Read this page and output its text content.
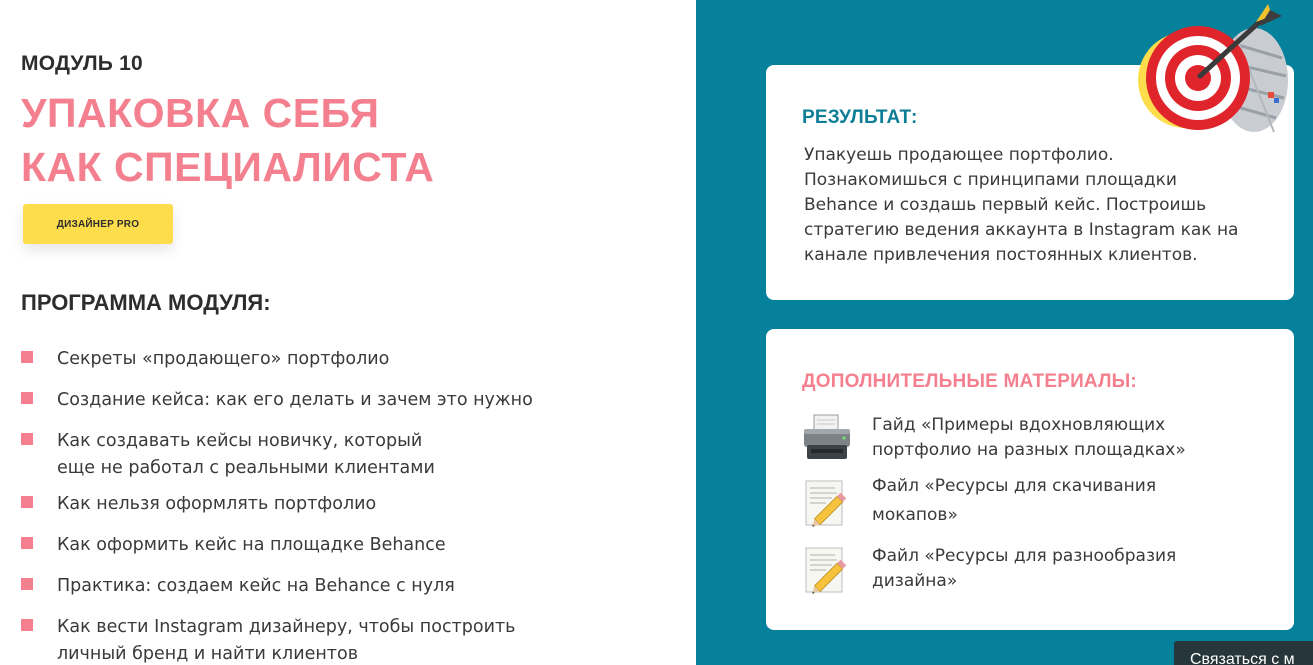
МОДУЛЬ 10
УПАКОВКА СЕБЯ
КАК СПЕЦИАЛИСТА
ДИЗАЙНЕР PRO
ПРОГРАММА МОДУЛЯ:
Секреты «продающего» портфолио
Создание кейса: как его делать и зачем это нужно
Как создавать кейсы новичку, который
еще не работал с реальными клиентами
Как нельзя оформлять портфолио
Как оформить кейс на площадке Behance
Практика: создаем кейс на Behance с нуля
Как вести Instagram дизайнеру, чтобы построить
личный бренд и найти клиентов
РЕЗУЛЬТАТ:
Упакуешь продающее портфолио.
Познакомишься с принципами площадки
Behance и создашь первый кейс. Построишь
стратегию ведения аккаунта в Instagram как на
канале привлечения постоянных клиентов.
ДОПОЛНИТЕЛЬНЫЕ МАТЕРИАЛЫ:
Гайд «Примеры вдохновляющих
портфолио на разных площадках»
Файл «Ресурсы для скачивания
мокапов»
Файл «Ресурсы для разнообразия
дизайна»
Связаться с м
